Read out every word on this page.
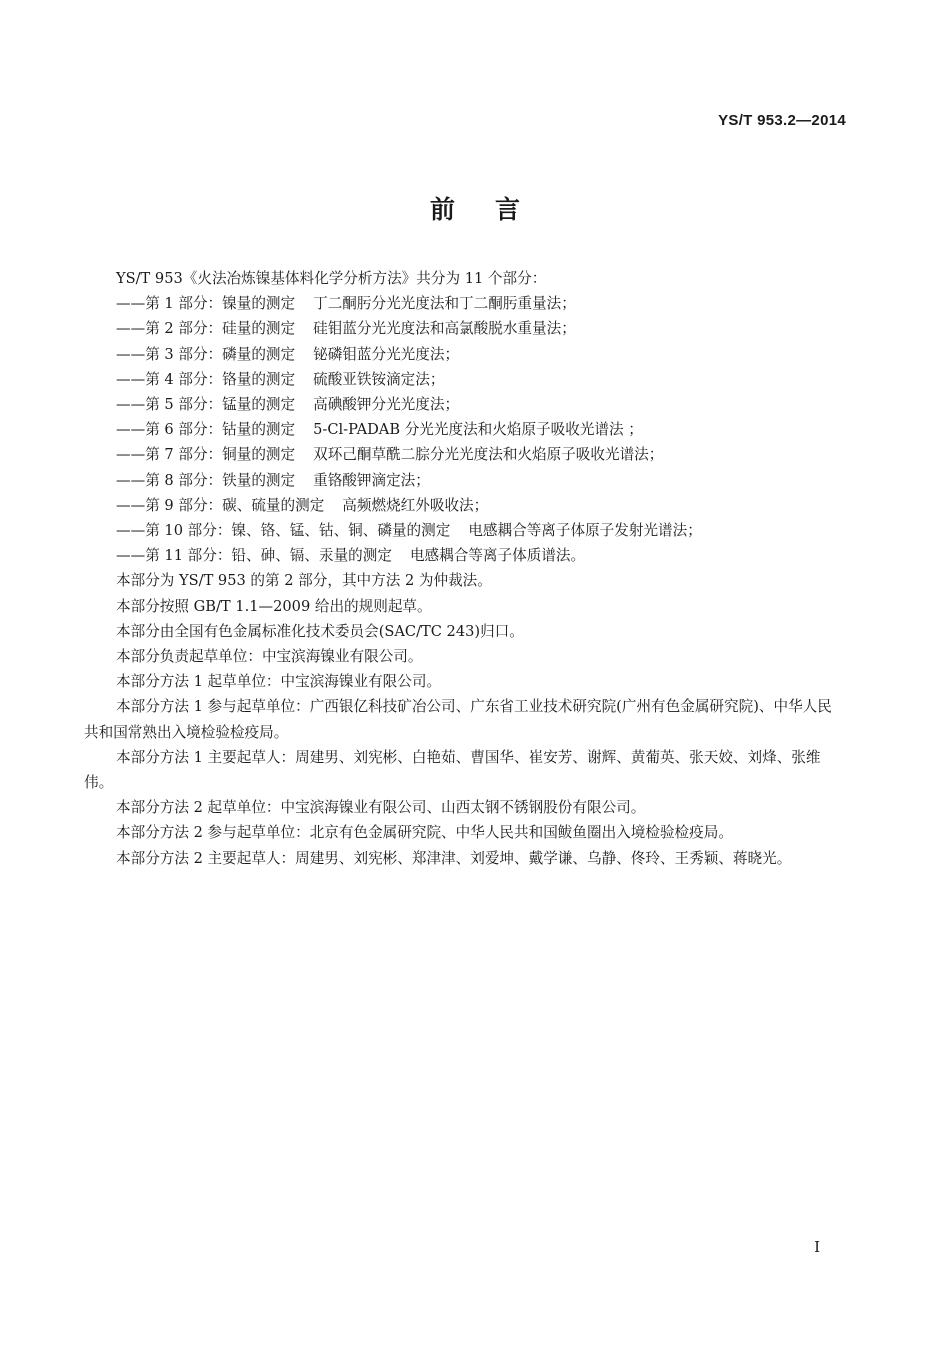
YS/T 953.2—2014
前言

YS/T 953《火法冶炼镍基体料化学分析方法》共分为 11 个部分：

——第 1 部分：镍量的测定 丁二酮肟分光光度法和丁二酮肟重量法；

——第 2 部分：硅量的测定 硅钼蓝分光光度法和高氯酸脱水重量法；

——第 3 部分：磷量的测定 铋磷钼蓝分光光度法；

——第 4 部分：铬量的测定 硫酸亚铁铵滴定法；

——第 5 部分：锰量的测定 高碘酸钾分光光度法；

——第 6 部分：钴量的测定 5-Cl-PADAB 分光光度法和火焰原子吸收光谱法 ；

——第 7 部分：铜量的测定 双环己酮草酰二腙分光光度法和火焰原子吸收光谱法；

——第 8 部分：铁量的测定 重铬酸钾滴定法；

——第 9 部分：碳、硫量的测定 高频燃烧红外吸收法；

——第 10 部分：镍、铬、锰、钴、铜、磷量的测定 电感耦合等离子体原子发射光谱法；

——第 11 部分：铅、砷、镉、汞量的测定 电感耦合等离子体质谱法。

本部分为 YS/T 953 的第 2 部分，其中方法 2 为仲裁法。

本部分按照 GB/T 1.1—2009 给出的规则起草。

本部分由全国有色金属标准化技术委员会(SAC/TC 243)归口。

本部分负责起草单位：中宝滨海镍业有限公司。

本部分方法 1 起草单位：中宝滨海镍业有限公司。

本部分方法 1 参与起草单位：广西银亿科技矿冶公司、广东省工业技术研究院(广州有色金属研究院)、中华人民共和国常熟出入境检验检疫局。

本部分方法 1 主要起草人：周建男、刘宪彬、白艳茹、曹国华、崔安芳、谢辉、黄葡英、张天姣、刘烽、张维伟。

本部分方法 2 起草单位：中宝滨海镍业有限公司、山西太钢不锈钢股份有限公司。

本部分方法 2 参与起草单位：北京有色金属研究院、中华人民共和国鲅鱼圈出入境检验检疫局。

本部分方法 2 主要起草人：周建男、刘宪彬、郑津津、刘爱坤、戴学谦、乌静、佟玲、王秀颖、蒋晓光。

I
